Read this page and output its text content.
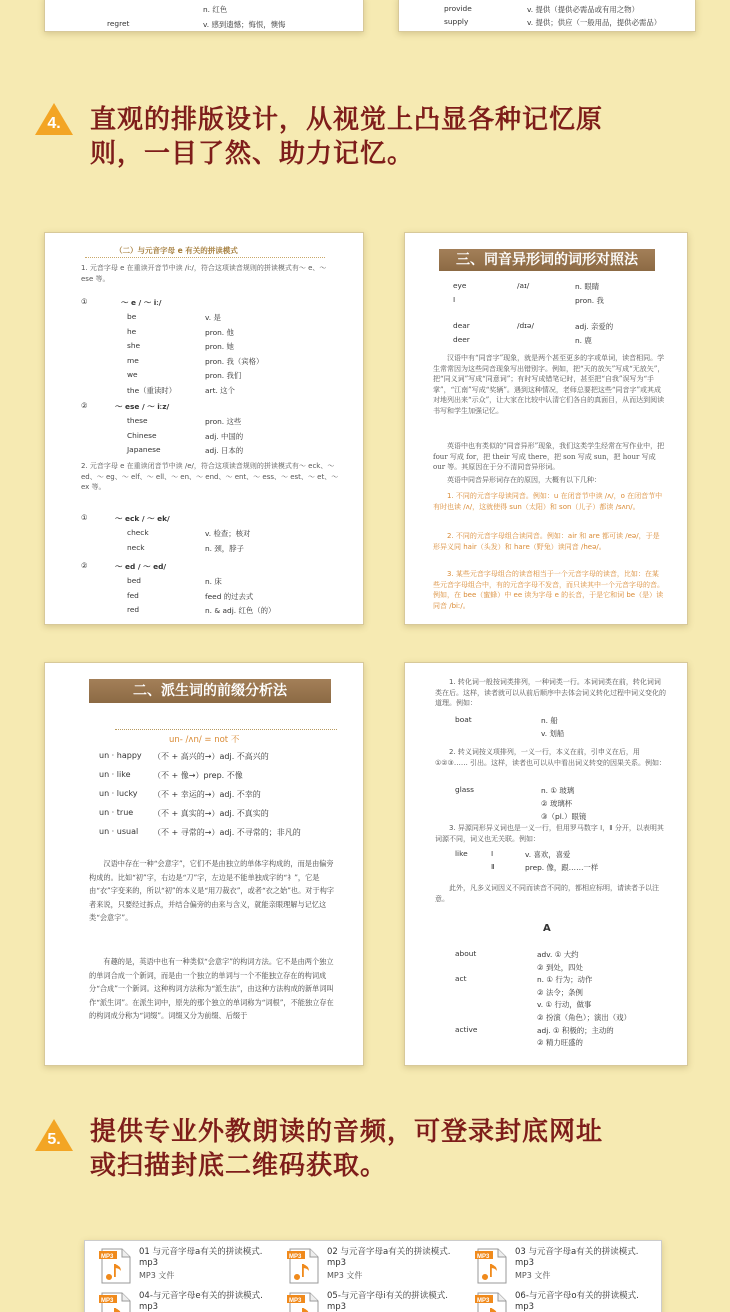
n. 红色
regret	v. 感到遗憾；悔恨，懊悔
provide	v. 提供（提供必需品或有用之物）
supply	v. 提供；供应（一般用品，提供必需品）
4.	直观的排版设计，从视觉上凸显各种记忆原
则，一目了然、助力记忆。
（二）与元音字母 e 有关的拼读模式
1. 元音字母 e 在重读开音节中读 /iː/，符合这项读音规则的拼读模式有～ e、～ ese 等。
①	～ e / ～ iː/
be	v. 是
he	pron. 他
she	pron. 她
me	pron. 我（宾格）
we	pron. 我们
the（重读时）	art. 这个
②	～ ese / ～ iːz/
these	pron. 这些
Chinese	adj. 中国的
Japanese	adj. 日本的
2. 元音字母 e 在重读闭音节中读 /e/，符合这项读音规则的拼读模式有～ eck、～ ed、～ eg、～ elf、～ ell、～ en、～ end、～ ent、～ ess、～ est、～ et、～ ex 等。
①	～ eck / ～ ek/
check	v. 检查；核对
neck	n. 颈，脖子
②	～ ed / ～ ed/
bed	n. 床
fed	feed 的过去式
red	n. & adj. 红色（的）
三、同音异形词的词形对照法
eye	/aɪ/	n. 眼睛
I	pron. 我
dear	/dɪə/	adj. 亲爱的
deer	n. 鹿
汉语中有“同音字”现象，就是两个甚至更多的字或单词，读音相同。学生常常因为这些同音现象写出错别字。例如，把“天的放矢”写成“无放矢”，把“同义词”写成“同意词”；有时写成错笔记时，甚至把“自我”误写为“手掌”，“江南”写成“奖辆”。遇到这种情况，老师总要把这些“同音字”或其成对地列出来“示众”，让大家在比较中认清它们各自的真面目，从而达到阅读书写和学生加强记忆。
英语中也有类似的“同音异形”现象，我们这类学生经常在写作业中，把 four 写成 for，把 their 写成 there，把 son 写成 sun，把 hour 写成 our 等。其原因在于分不清同音异形词。
英语中同音异形词存在的原因，大概有以下几种：
1. 不同的元音字母读同音。例如：u 在闭音节中读 /ʌ/，o 在闭音节中有时也读 /ʌ/，这就使得 sun（太阳）和 son（儿子）都读 /sʌn/。
2. 不同的元音字母组合读同音。例如：air 和 are 都可读 /eə/，于是形异义同 hair（头发）和 hare（野兔）读同音 /heə/。
3. 某些元音字母组合的读音相当于一个元音字母的读音，比如：在某些元音字母组合中，有的元音字母不发音，而只读其中一个元音字母的音。例如，在 bee（蜜蜂）中 ee 读为字母 e 的长音，于是它和词 be（是）读同音 /biː/。
二、派生词的前缀分析法
un- /ʌn/ = not 不
un · happy （不 + 高兴的→）adj. 不高兴的
un · like	（不 + 像→）prep. 不像
un · lucky （不 + 幸运的→）adj. 不幸的
un · true （不 + 真实的→）adj. 不真实的
un · usual （不 + 寻常的→）adj. 不寻常的；非凡的
汉语中存在一种“会意字”，它们不是由独立的单体字构成的，而是由偏旁构成的。比如“初”字，右边是“刀”字，左边是不能单独成字的“衤”，它是由“衣”字变来的，所以“初”的本义是“用刀裁衣”，或者“衣之始”也。对于构字者来说，只要经过拆点，并结合偏旁的由来与含义，就能亲眼理解与记忆这类“会意字”。
有趣的是，英语中也有一种类似“会意字”的构词方法。它不是由两个独立的单词合成一个新词，而是由一个独立的单词与一个不能独立存在的构词成分“合成”一个新词。这种构词方法称为“派生法”，由这种方法构成的新单词叫作“派生词”。在派生词中，原先的那个独立的单词称为“词根”，不能独立存在的构词成分称为“词缀”。词缀又分为前缀、后缀于
1. 转化词一般按词类排列，一种词类一行。本词词类在前，转化词词类在后。这样，读者就可以从前后顺序中去体会词义转化过程中词义变化的道理。例如：
boat	n. 船
v. 划船
2. 转义词按义项排列，一义一行，本义在前，引申义在后，用 ①②③…… 引出。这样，读者也可以从中看出词义转变的因果关系。例如：
glass	n. ① 玻璃
② 玻璃杯
③（pl.）眼镜
3. 异源同形异义词也是一义一行，但用罗马数字 Ⅰ，Ⅱ 分开，以表明其词源不同，词义也无关联。例如：
like	Ⅰ	v. 喜欢，喜爱
Ⅱ	prep. 像，跟……一样
此外，凡多义词因义不同而读音不同的，都相应标明，请读者予以注意。
A
about	adv. ① 大约
② 到处，四处
act	n. ① 行为；动作
② 法令；条例
v. ① 行动，做事
② 扮演（角色）；演出（戏）
active	adj. ① 积极的；主动的
② 精力旺盛的
5.	提供专业外教朗读的音频，可登录封底网址
或扫描封底二维码获取。
MP3	01 与元音字母a有关的拼读模式.
mp3
MP3 文件
MP3	02 与元音字母a有关的拼读模式.
mp3
MP3 文件
MP3	03 与元音字母a有关的拼读模式.
mp3
MP3 文件
MP3	04-与元音字母e有关的拼读模式.
mp3
MP3	05-与元音字母i有关的拼读模式.
mp3
MP3	06-与元音字母o有关的拼读模式.
mp3
